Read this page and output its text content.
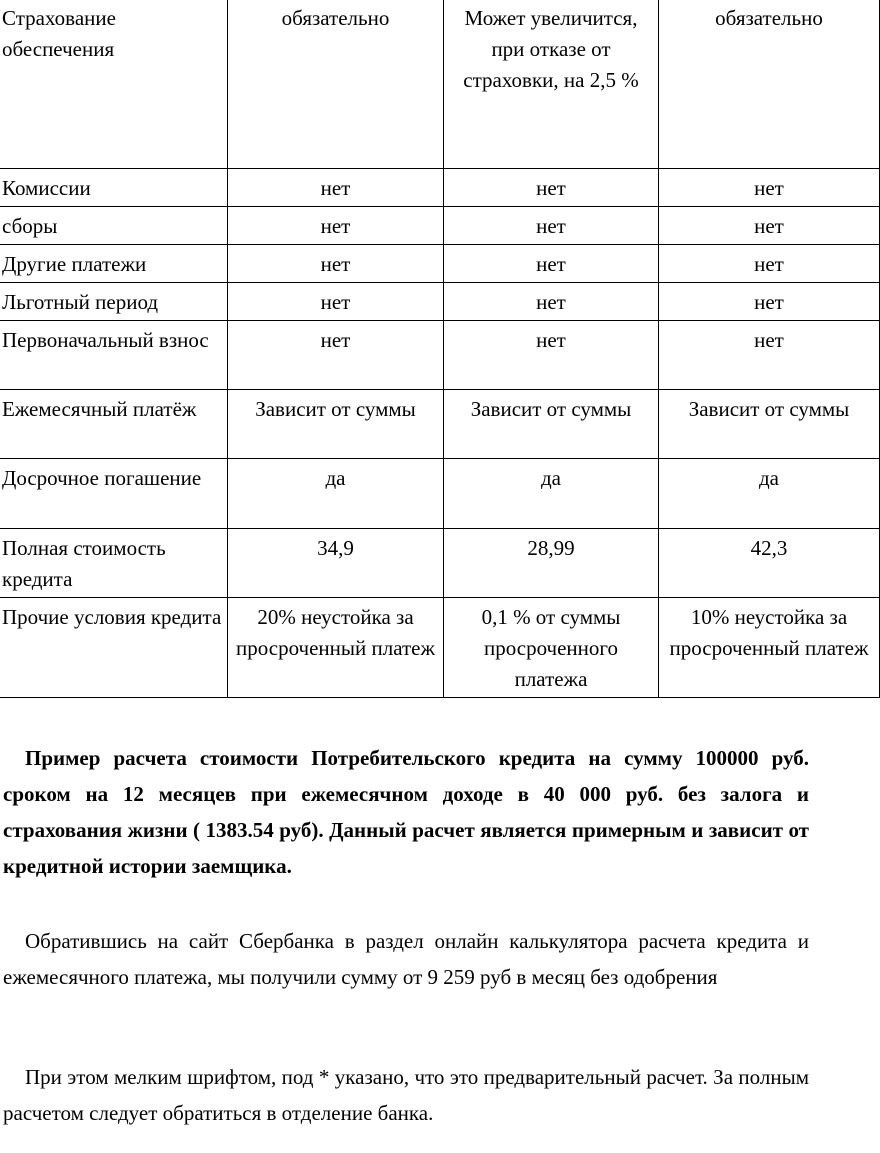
Страхование обеспечения	обязательно	Может увеличится, при отказе от страховки, на 2,5 %	обязательно
Комиссии	нет	нет	нет
сборы	нет	нет	нет
Другие платежи	нет	нет	нет
Льготный период	нет	нет	нет
Первоначальный взнос	нет	нет	нет
Ежемесячный платёж	Зависит от суммы	Зависит от суммы	Зависит от суммы
Досрочное погашение	да	да	да
Полная стоимость кредита	34,9	28,99	42,3
Прочие условия кредита	20% неустойка за просроченный платеж	0,1 % от суммы просроченного платежа	10% неустойка за просроченный платеж
Пример расчета стоимости Потребительского кредита на сумму 100000 руб. сроком на 12 месяцев при ежемесячном доходе в 40 000 руб. без залога и страхования жизни ( 1383.54 руб). Данный расчет является примерным и зависит от кредитной истории заемщика.
Обратившись на сайт Сбербанка в раздел онлайн калькулятора расчета кредита и ежемесячного платежа, мы получили сумму от 9 259 руб в месяц без одобрения
При этом мелким шрифтом, под * указано, что это предварительный расчет. За полным расчетом следует обратиться в отделение банка.
